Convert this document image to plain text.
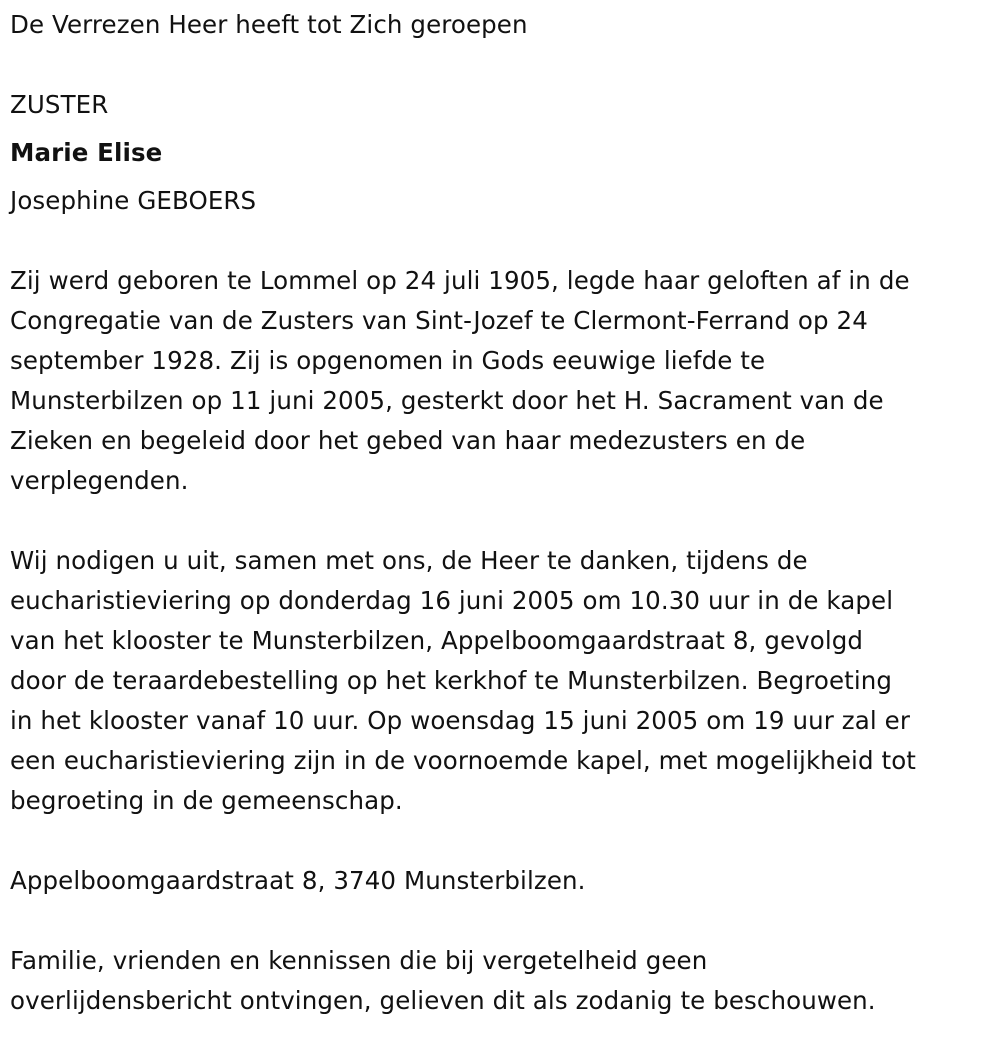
De Verrezen Heer heeft tot Zich geroepen
ZUSTER
Marie Elise
Josephine GEBOERS
Zij werd geboren te Lommel op 24 juli 1905, legde haar geloften af in de
Congregatie van de Zusters van Sint-Jozef te Clermont-Ferrand op 24
september 1928. Zij is opgenomen in Gods eeuwige liefde te
Munsterbilzen op 11 juni 2005, gesterkt door het H. Sacrament van de
Zieken en begeleid door het gebed van haar medezusters en de
verplegenden.
Wij nodigen u uit, samen met ons, de Heer te danken, tijdens de
eucharistieviering op donderdag 16 juni 2005 om 10.30 uur in de kapel
van het klooster te Munsterbilzen, Appelboomgaardstraat 8, gevolgd
door de teraardebestelling op het kerkhof te Munsterbilzen. Begroeting
in het klooster vanaf 10 uur. Op woensdag 15 juni 2005 om 19 uur zal er
een eucharistieviering zijn in de voornoemde kapel, met mogelijkheid tot
begroeting in de gemeenschap.
Appelboomgaardstraat 8, 3740 Munsterbilzen.
Familie, vrienden en kennissen die bij vergetelheid geen
overlijdensbericht ontvingen, gelieven dit als zodanig te beschouwen.
